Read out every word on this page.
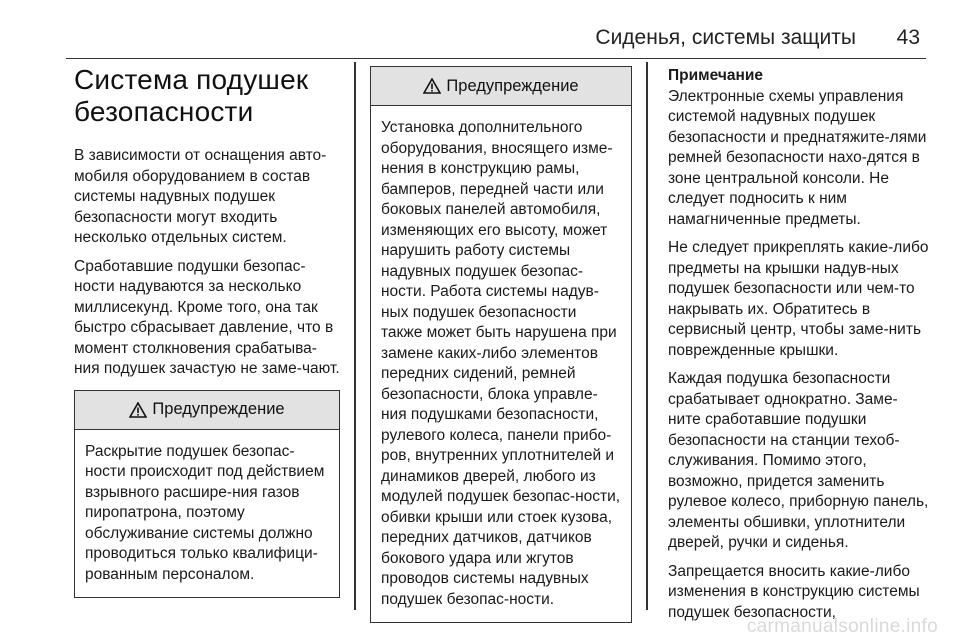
Сиденья, системы защиты 43
Система подушек
безопасности

В зависимости от оснащения авто-мобиля оборудованием в состав системы надувных подушек безопасности могут входить несколько отдельных систем.

Сработавшие подушки безопас-ности надуваются за несколько миллисекунд. Кроме того, она так быстро сбрасывает давление, что в момент столкновения срабатыва-ния подушек зачастую не заме-чают.

Предупреждение

Раскрытие подушек безопас-ности происходит под действием взрывного расшире-ния газов пиропатрона, поэтому обслуживание системы должно проводиться только квалифици-рованным персоналом.

Предупреждение

Установка дополнительного оборудования, вносящего изме-нения в конструкцию рамы, бамперов, передней части или боковых панелей автомобиля, изменяющих его высоту, может нарушить работу системы надувных подушек безопас-ности. Работа системы надув-ных подушек безопасности также может быть нарушена при замене каких-либо элементов передних сидений, ремней безопасности, блока управле-ния подушками безопасности, рулевого колеса, панели прибо-ров, внутренних уплотнителей и динамиков дверей, любого из модулей подушек безопас-ности, обивки крыши или стоек кузова, передних датчиков, датчиков бокового удара или жгутов проводов системы надувных подушек безопас-ности.

Примечание

Электронные схемы управления системой надувных подушек безопасности и преднатяжите-лями ремней безопасности нахо-дятся в зоне центральной консоли. Не следует подносить к ним намагниченные предметы.

Не следует прикреплять какие-либо предметы на крышки надув-ных подушек безопасности или чем-то накрывать их. Обратитесь в сервисный центр, чтобы заме-нить поврежденные крышки.

Каждая подушка безопасности срабатывает однократно. Заме-ните сработавшие подушки безопасности на станции техоб-служивания. Помимо этого, возможно, придется заменить рулевое колесо, приборную панель, элементы обшивки, уплотнители дверей, ручки и сиденья.

Запрещается вносить какие-либо изменения в конструкцию системы подушек безопасности,

carmanualsonline.info
